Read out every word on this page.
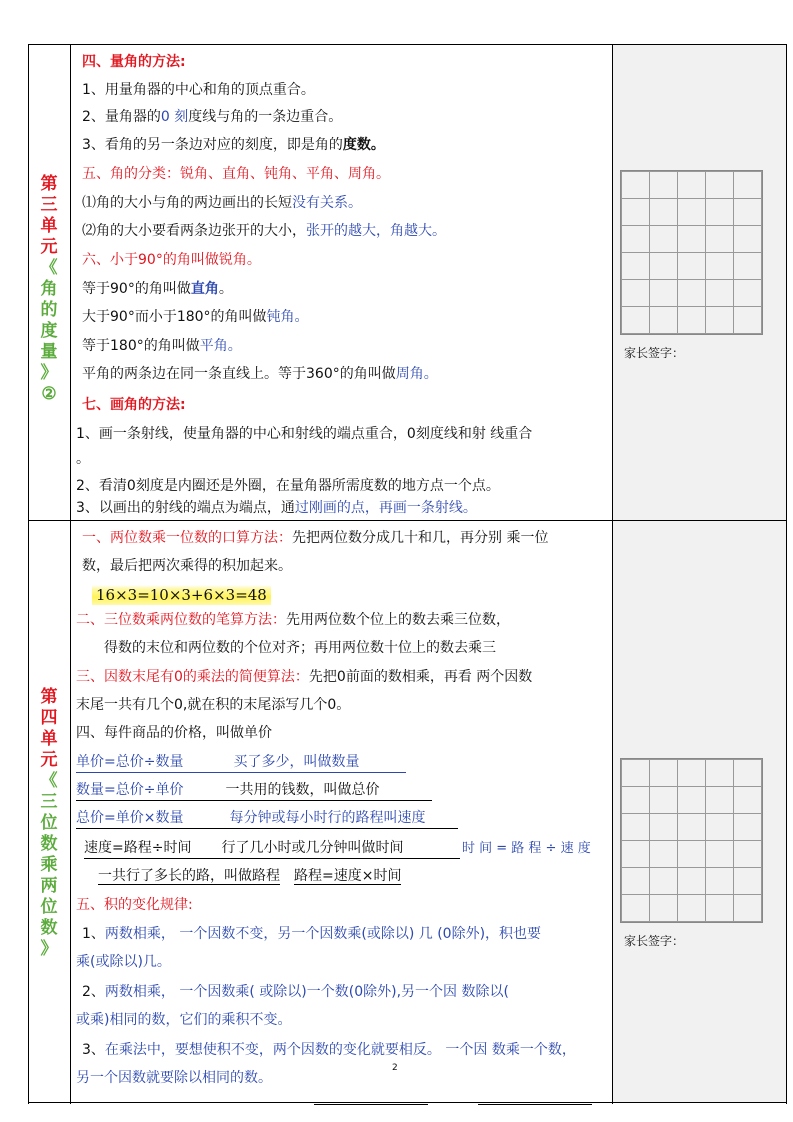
第
三
单
元
《
角
的
度
量
》
②
四、量角的方法:
1、用量角器的中心和角的顶点重合。
2、量角器的0 刻度线与角的一条边重合。
3、看角的另一条边对应的刻度，即是角的度数。
五、角的分类：锐角、直角、钝角、平角、周角。
⑴角的大小与角的两边画出的长短没有关系。
⑵角的大小要看两条边张开的大小，张开的越大，角越大。
六、小于90°的角叫做锐角。
等于90°的角叫做直角。
大于90°而小于180°的角叫做钝角。
等于180°的角叫做平角。
平角的两条边在同一条直线上。等于360°的角叫做周角。
七、画角的方法:
1、画一条射线，使量角器的中心和射线的端点重合，0刻度线和射 线重合
。
2、看清0刻度是内圈还是外圈，在量角器所需度数的地方点一个点。
3、以画出的射线的端点为端点，通过刚画的点，再画一条射线。

家长签字：
第
四
单
元
《
三
位
数
乘
两
位
数
》
一、两位数乘一位数的口算方法：先把两位数分成几十和几，再分别 乘一位
数，最后把两次乘得的积加起来。
16×3=10×3+6×3=48
二、三位数乘两位数的笔算方法：先用两位数个位上的数去乘三位数，
得数的末位和两位数的个位对齐；再用两位数十位上的数去乘三
三、因数末尾有0的乘法的简便算法：先把0前面的数相乘，再看 两个因数
末尾一共有几个0,就在积的末尾添写几个0。
四、每件商品的价格，叫做单价
单价=总价÷数量	买了多少，叫做数量
数量=总价÷单价	一共用的钱数，叫做总价
总价=单价×数量	每分钟或每小时行的路程叫速度
速度=路程÷时间 行了几小时或几分钟叫做时间	时 间 = 路 程 ÷ 速 度
一共行了多长的路，叫做路程 路程=速度×时间
五、积的变化规律:
1、两数相乘， 一个因数不变，另一个因数乘(或除以) 几 (0除外)，积也要
乘(或除以)几。
2、两数相乘， 一个因数乘( 或除以)一个数(0除外),另一个因 数除以(
或乘)相同的数，它们的乘积不变。
3、在乘法中，要想使积不变，两个因数的变化就要相反。 一个因 数乘一个数，
另一个因数就要除以相同的数。

家长签字：
2
